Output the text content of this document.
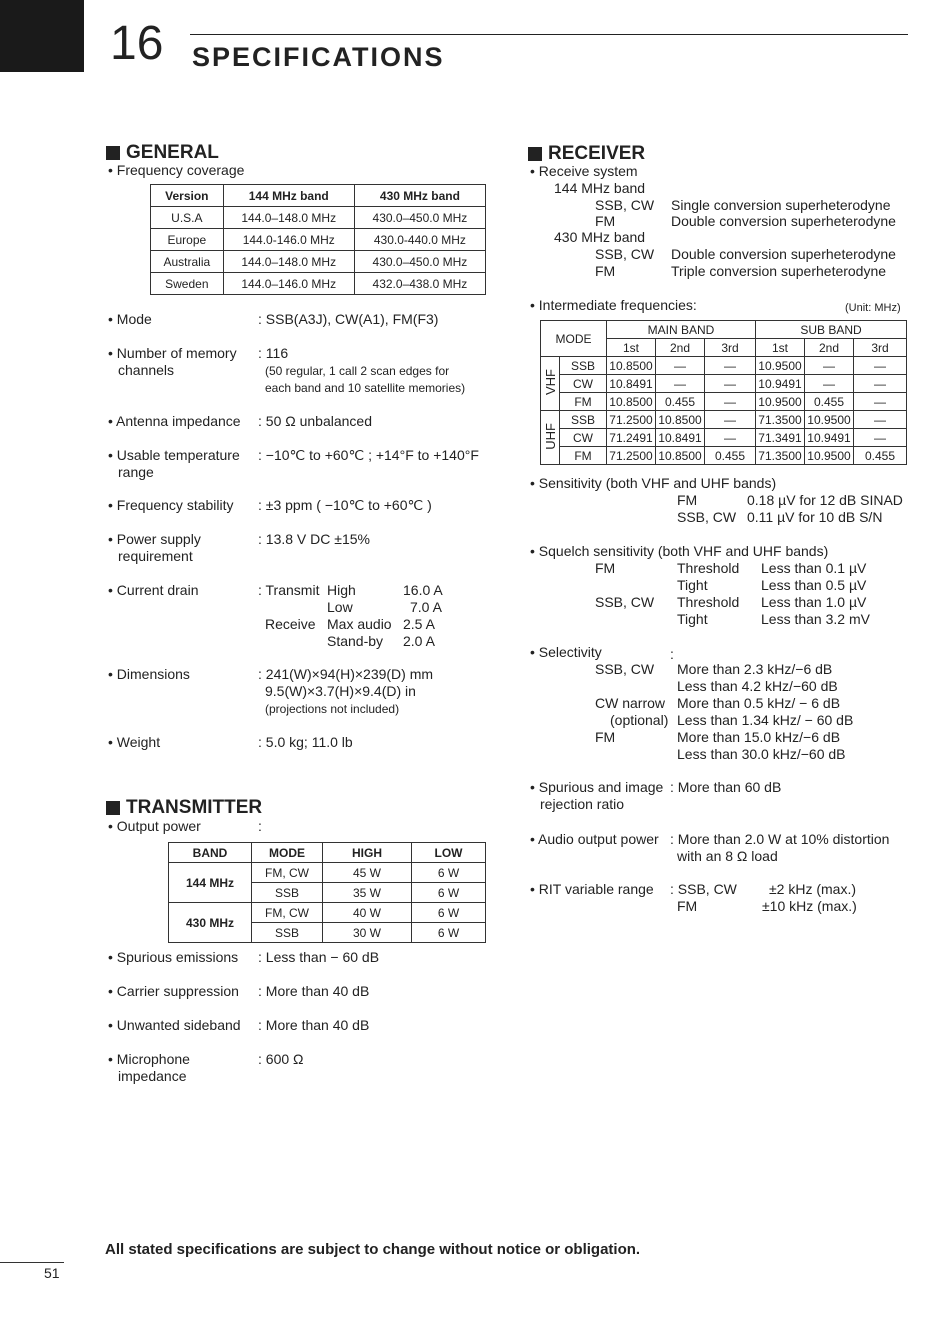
16 SPECIFICATIONS
GENERAL
• Frequency coverage
Version	144 MHz band	430 MHz band
U.S.A	144.0–148.0 MHz	430.0–450.0 MHz
Europe	144.0-146.0 MHz	430.0-440.0 MHz
Australia	144.0–148.0 MHz	430.0–450.0 MHz
Sweden	144.0–146.0 MHz	432.0–438.0 MHz
• Mode	: SSB(A3J), CW(A1), FM(F3)
• Number of memory
channels
: 116
(50 regular, 1 call 2 scan edges for
each band and 10 satellite memories)
• Antenna impedance : 50 Ω unbalanced
• Usable temperature
range
: −10℃ to +60℃ ; +14°F to +140°F
• Frequency stability : ±3 ppm ( −10℃ to +60℃ )
• Power supply
requirement
: 13.8 V DC ±15%
• Current drain	: Transmit High	16.0 A
Low	7.0 A
Receive Max audio 2.5 A
Stand-by 2.0 A
• Dimensions	: 241(W)×94(H)×239(D) mm
9.5(W)×3.7(H)×9.4(D) in
(projections not included)
• Weight	: 5.0 kg; 11.0 lb
TRANSMITTER
• Output power	:
BAND	MODE	HIGH	LOW
144 MHz	FM, CW	45 W	6 W
	SSB	35 W	6 W
430 MHz	FM, CW	40 W	6 W
	SSB	30 W	6 W
• Spurious emissions : Less than − 60 dB
• Carrier suppression : More than 40 dB
• Unwanted sideband : More than 40 dB
• Microphone
impedance
: 600 Ω
RECEIVER
• Receive system
144 MHz band
SSB, CW Single conversion superheterodyne
FM	Double conversion superheterodyne
430 MHz band
SSB, CW Double conversion superheterodyne
FM	Triple conversion superheterodyne
• Intermediate frequencies:	(Unit: MHz)
MODE		MAIN BAND			SUB BAND		
		1st	2nd	3rd	1st	2nd	3rd
VHF	SSB	10.8500	—	—	10.9500	—	—
	CW	10.8491	—	—	10.9491	—	—
	FM	10.8500	0.455	—	10.9500	0.455	—
UHF	SSB	71.2500	10.8500	—	71.3500	10.9500	—
	CW	71.2491	10.8491	—	71.3491	10.9491	—
	FM	71.2500	10.8500	0.455	71.3500	10.9500	0.455
• Sensitivity (both VHF and UHF bands)
FM	0.18 µV for 12 dB SINAD
SSB, CW 0.11 µV for 10 dB S/N
• Squelch sensitivity (both VHF and UHF bands)
FM	Threshold Less than 0.1 µV
Tight	Less than 0.5 µV
SSB, CW Threshold Less than 1.0 µV
Tight	Less than 3.2 mV
• Selectivity	:
SSB, CW More than 2.3 kHz/−6 dB
Less than 4.2 kHz/−60 dB
CW narrow More than 0.5 kHz/ − 6 dB
(optional) Less than 1.34 kHz/ − 60 dB
FM	More than 15.0 kHz/−6 dB
Less than 30.0 kHz/−60 dB
• Spurious and image : More than 60 dB
rejection ratio
• Audio output power : More than 2.0 W at 10% distortion
with an 8 Ω load
• RIT variable range : SSB, CW ±2 kHz (max.)
FM	±10 kHz (max.)
All stated specifications are subject to change without notice or obligation.
51
